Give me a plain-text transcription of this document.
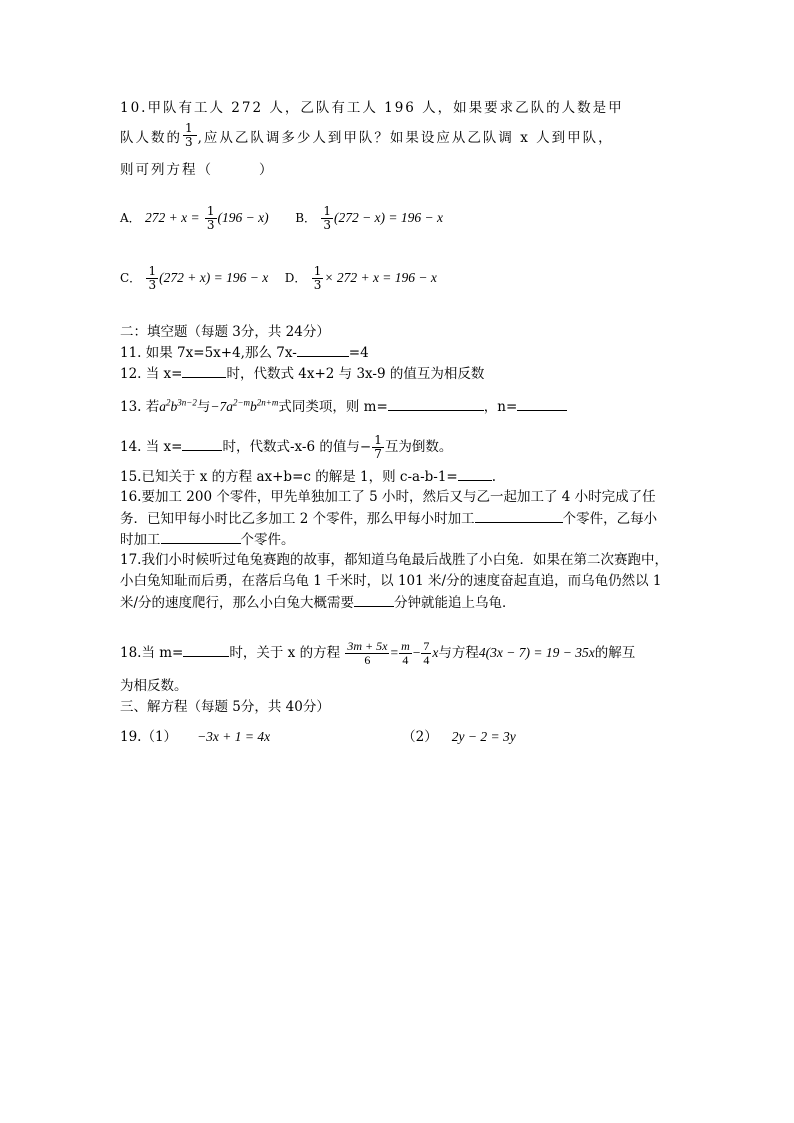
10.甲队有工人 272 人，乙队有工人 196 人，如果要求乙队的人数是甲
队人数的 $\frac{1}{3}$ ,应从乙队调多少人到甲队？如果设应从乙队调 x 人到甲队，
则可列方程（	）
A． $272 + x = \frac{1}{3} (196 - x)$ B． $\frac{1}{3} (272 - x) = 196 - x$
C． $\frac{1}{3} (272 + x) = 196 - x$ D． $\frac{1}{3} \times 272 + x = 196 - x$
二：填空题（每题 3分，共 24分）
11. 如果 7x=5x+4,那么 7x-	=4
12. 当 x=	时，代数式 4x+2 与 3x-9 的值互为相反数
13. 若$a^2b^{3n-2}$与$-7a^{2-m}b^{2n+m}$式同类项，则 m=	，n=
14. 当 x=	时，代数式-x-6 的值与− $\frac{1}{7}$ 互为倒数。
15.已知关于 x 的方程 ax+b=c 的解是 1，则 c-a-b-1=	.
16.要加工 200 个零件，甲先单独加工了 5 小时，然后又与乙一起加工了 4 小时完成了任
务．已知甲每小时比乙多加工 2 个零件，那么甲每小时加工	个零件，乙每小
时加工	个零件。
17.我们小时候听过龟兔赛跑的故事，都知道乌龟最后战胜了小白兔．如果在第二次赛跑中，
小白兔知耻而后勇，在落后乌龟 1 千米时，以 101 米/分的速度奋起直追，而乌龟仍然以 1
米/分的速度爬行，那么小白兔大概需要	分钟就能追上乌龟．
18.当 m=	时，关于 x 的方程 $\frac{3m + 5x}{6} = \frac{m}{4} - \frac{7}{4}$ x与方程4(3x − 7) = 19 − 35x的解互
为相反数。
三、解方程（每题 5分，共 40分）
19.（1） −3x + 1 = 4x	（2） 2y − 2 = 3y
